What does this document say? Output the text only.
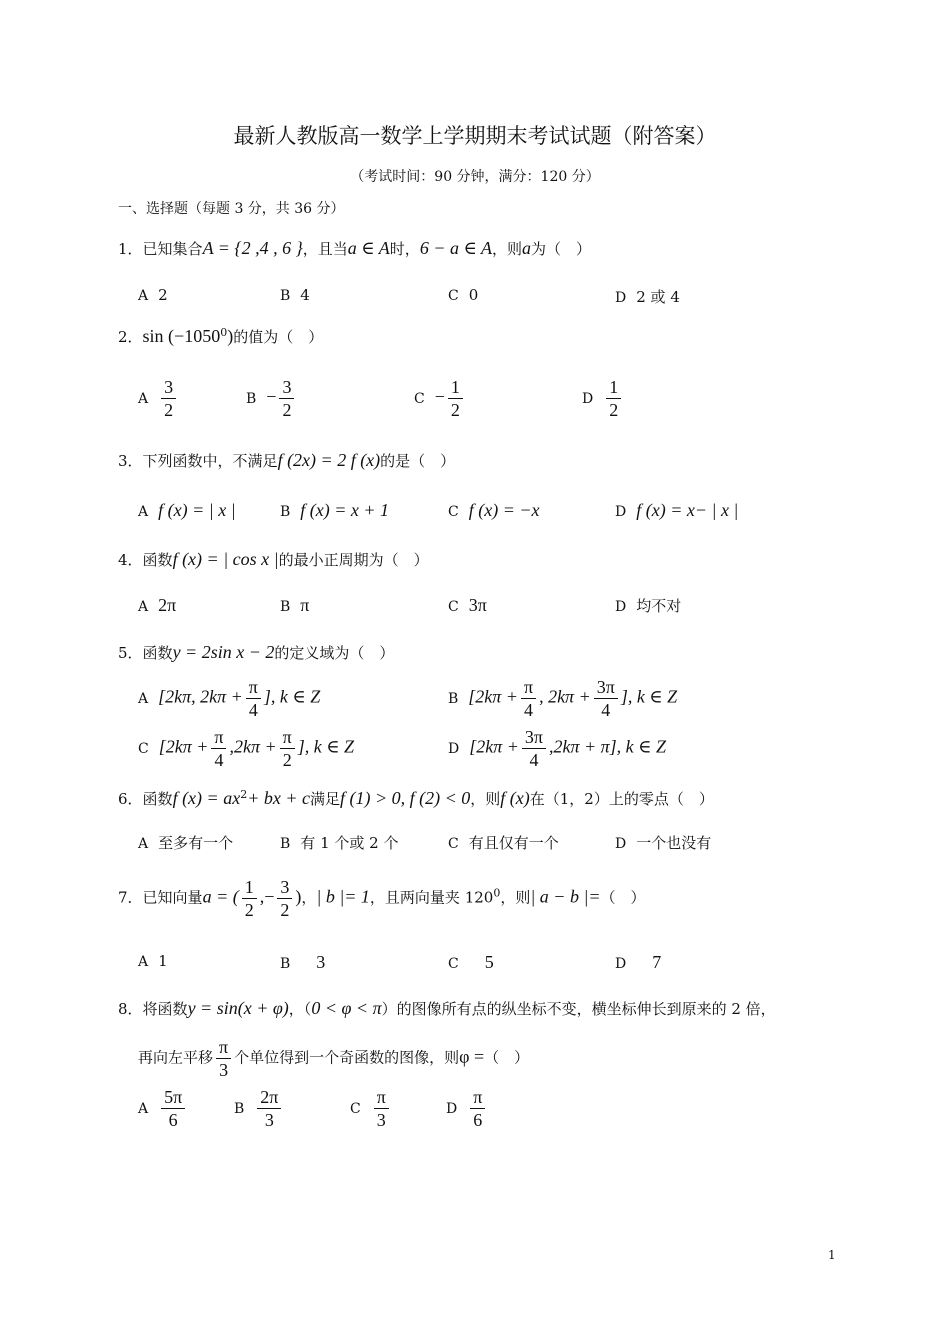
最新人教版高一数学上学期期末考试试题（附答案）
（考试时间：90 分钟，满分：120 分）
一、选择题（每题 3 分，共 36 分）
1．已知集合A = {2 ,4 , 6 }，且当a ∈ A时，6 − a ∈ A，则a为（　）
A 2	B 4	C 0	D 2 或 4
2．$\sin (-1050^0)$的值为（　）
A $\frac{3}{2}$	$B - \frac{3}{2}$	$C - \frac{1}{2}$	D $\frac{1}{2}$
3．下列函数中，不满足f (2x) = 2 f (x)的是（　）
A f (x) = | x |	B f (x) = x + 1	C f (x) = −x	D f (x) = x− | x |
4．函数f (x) = | cos x |的最小正周期为（　）
A 2π	B π	C 3π	D 均不对
5．函数y = 2sin x − 2的定义域为（　）
A [2kπ, $2k\pi + \frac{\pi}{4}$ ], k ∈ Z	B [$2k\pi + \frac{\pi}{4}$ , $2k\pi + \frac{3\pi}{4}$ ], k ∈ Z
C [$2k\pi + \frac{\pi}{4} ,2k\pi + \frac{\pi}{2}$ ], k ∈ Z	D $[2k\pi + \frac{3\pi}{4} ,2k\pi + \pi]$, k ∈ Z
6．函数f $(x) = ax^2+$ bx + c满足f (1) > 0, f (2) < 0，则f (x)在（1，2）上的零点（　）
A 至多有一个	B 有 1 个或 2 个	C 有且仅有一个	D 一个也没有
7．已知向量a = ( $\frac{1}{2}$ ,− $\frac{3}{2}$ )，| b |= 1，且两向量夹 $120^0$，则| a − b |=（　）
A 1	B 3	C 5	D 7
8．将函数y = sin(x + φ)，（0 < φ < π）的图像所有点的纵坐标不变，横坐标伸长到原来的 2 倍，
再向左平移 $\frac{\pi}{3}$ 个单位得到一个奇函数的图像，则φ =（　）
A $\frac{5\pi}{6}$	B $\frac{2\pi}{3}$	C $\frac{\pi}{3}$	D $\frac{\pi}{6}$
1
